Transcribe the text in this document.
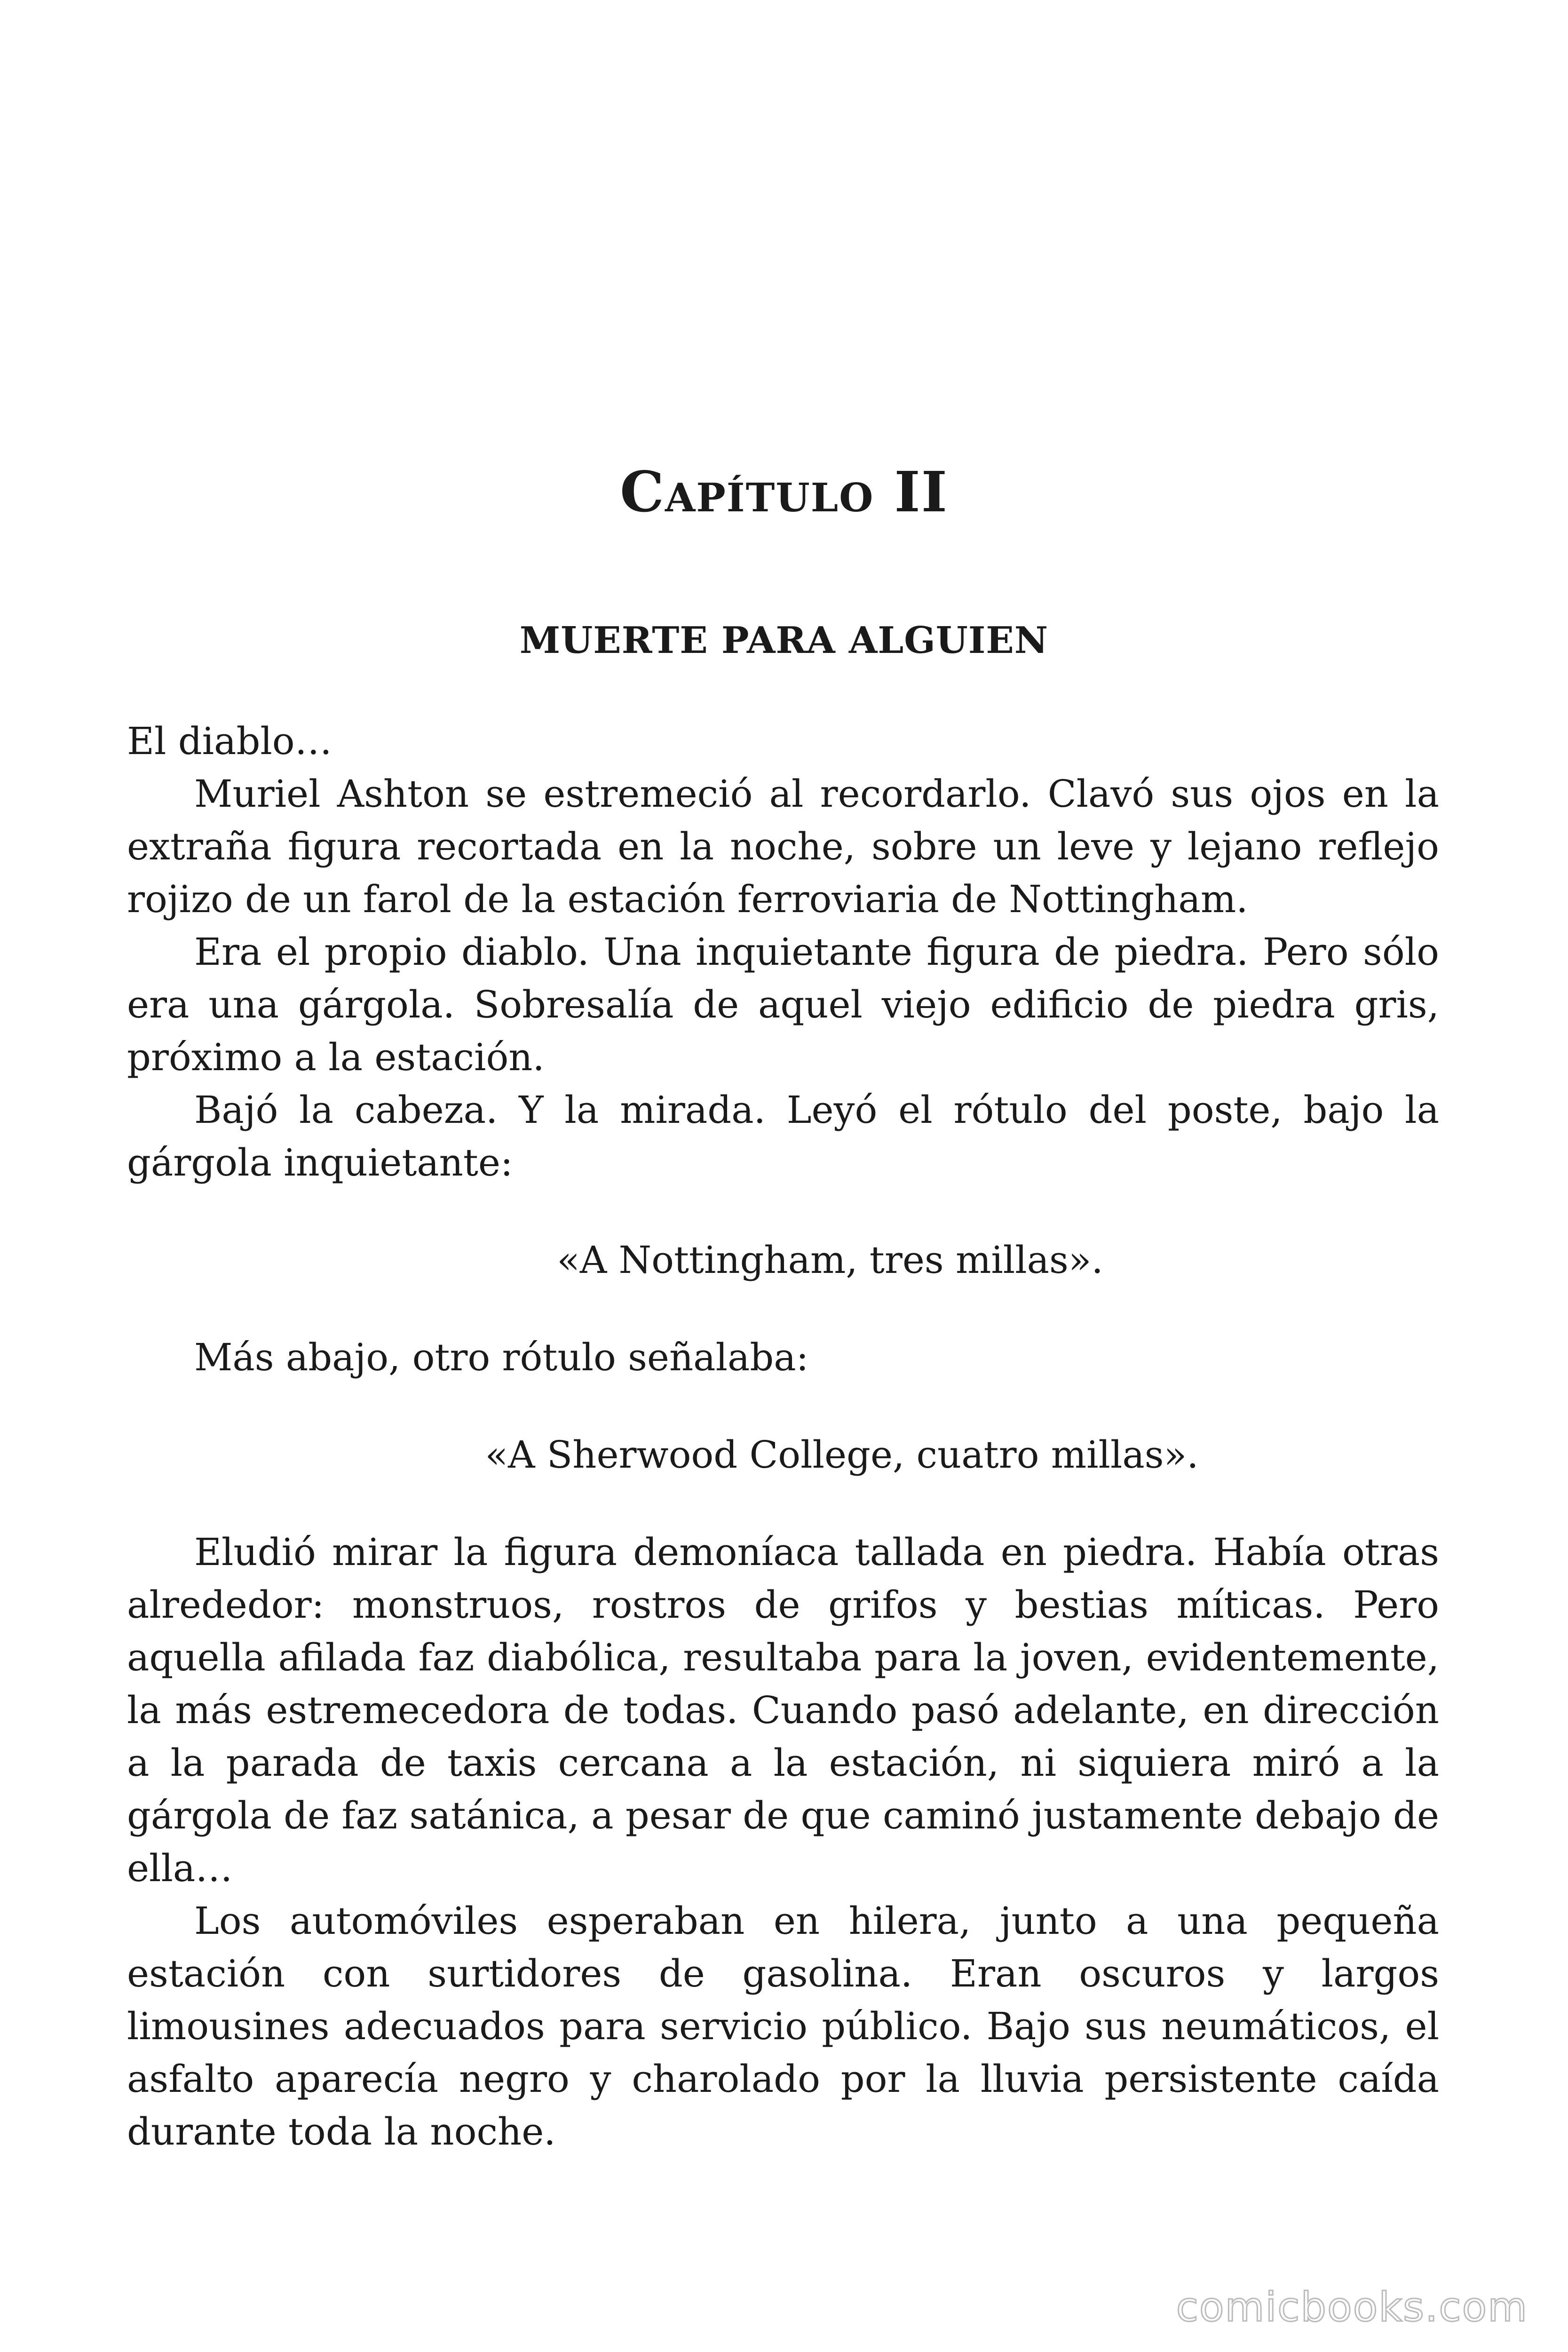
Capítulo II
MUERTE PARA ALGUIEN

El diablo…

Muriel Ashton se estremeció al recordarlo. Clavó sus ojos en la extraña figura recortada en la noche, sobre un leve y lejano reflejo rojizo de un farol de la estación ferroviaria de Nottingham.

Era el propio diablo. Una inquietante figura de piedra. Pero sólo era una gárgola. Sobresalía de aquel viejo edificio de piedra gris, próximo a la estación.

Bajó la cabeza. Y la mirada. Leyó el rótulo del poste, bajo la gárgola inquietante:

«A Nottingham, tres millas».

Más abajo, otro rótulo señalaba:

«A Sherwood College, cuatro millas».

Eludió mirar la figura demoníaca tallada en piedra. Había otras alrededor: monstruos, rostros de grifos y bestias míticas. Pero aquella afilada faz diabólica, resultaba para la joven, evidentemente, la más estremecedora de todas. Cuando pasó adelante, en dirección a la parada de taxis cercana a la estación, ni siquiera miró a la gárgola de faz satánica, a pesar de que caminó justamente debajo de ella…

Los automóviles esperaban en hilera, junto a una pequeña estación con surtidores de gasolina. Eran oscuros y largos limousines adecuados para servicio público. Bajo sus neumáticos, el asfalto aparecía negro y charolado por la lluvia persistente caída durante toda la noche.

comicbooks.com
